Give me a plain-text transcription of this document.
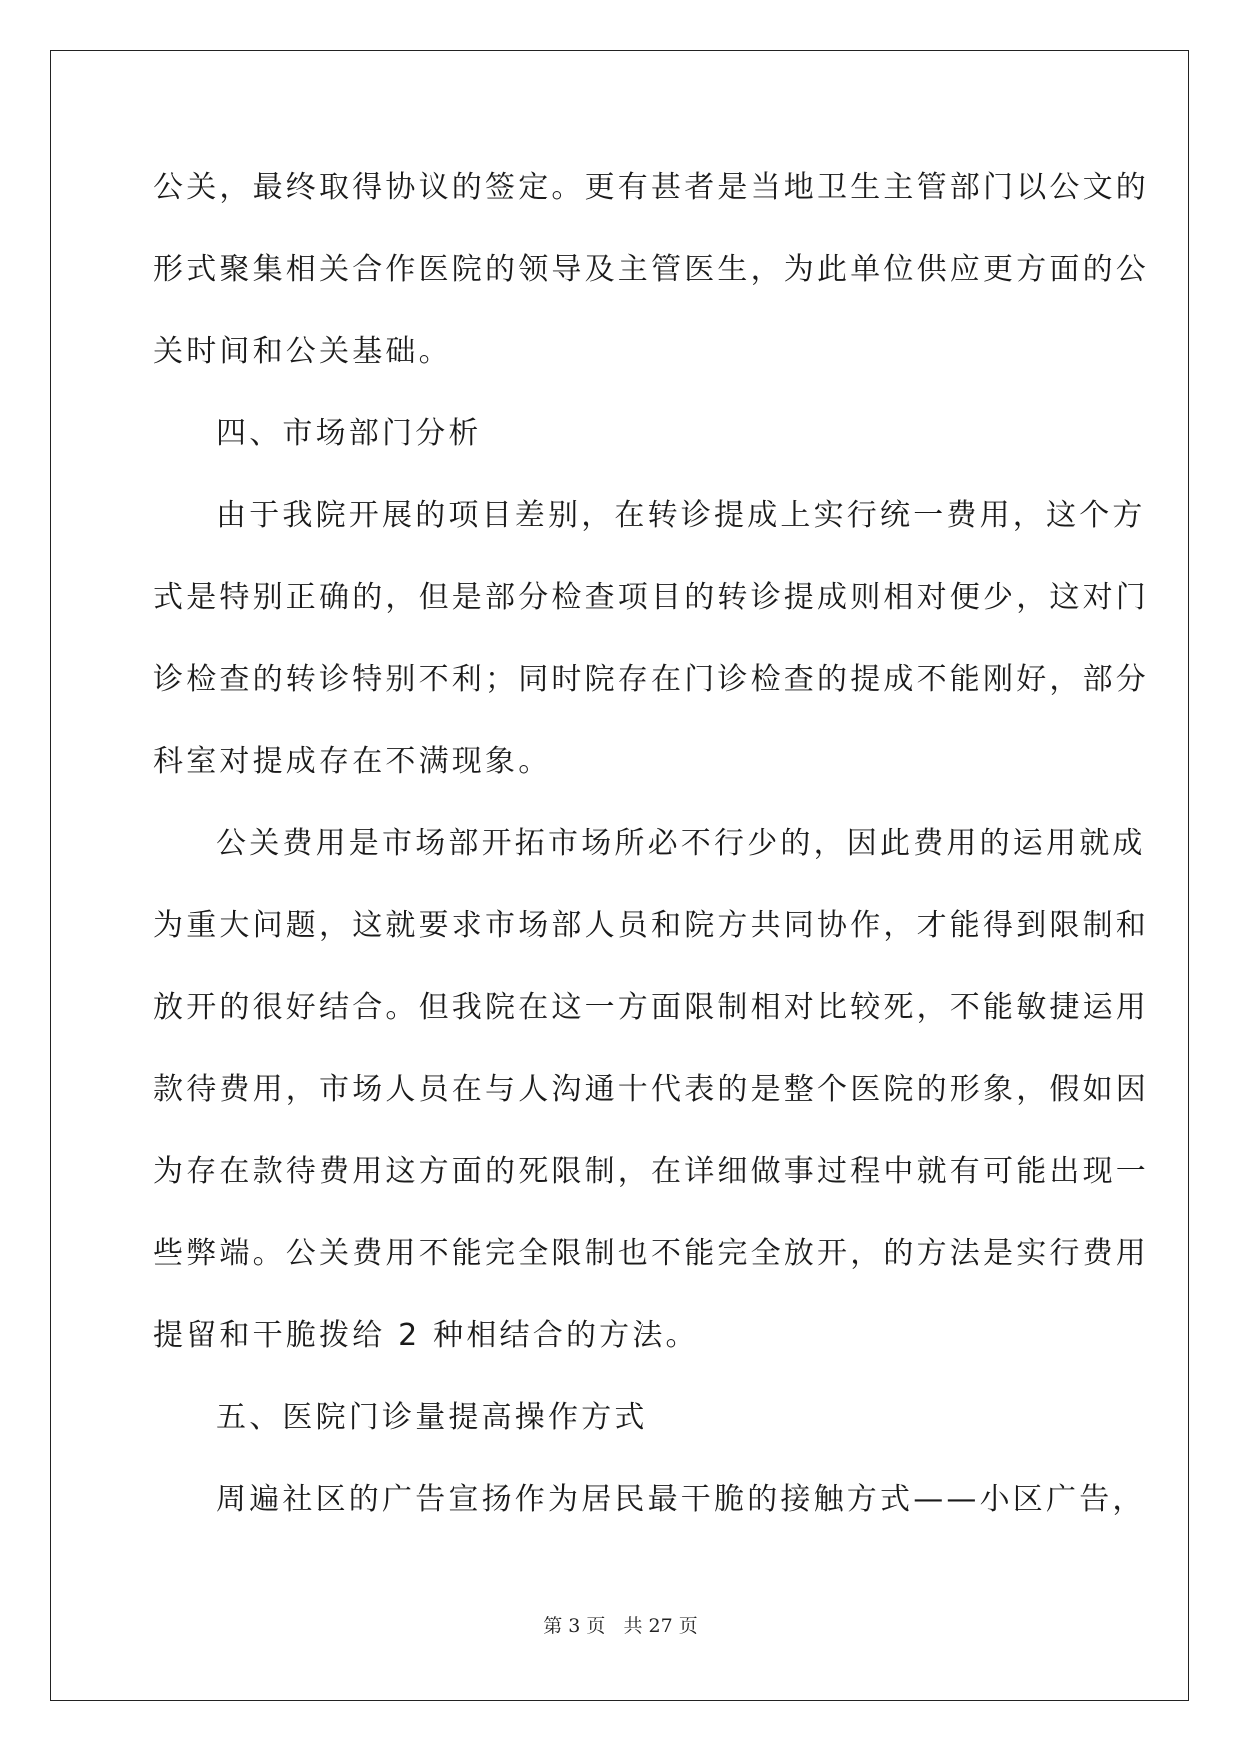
公关，最终取得协议的签定。更有甚者是当地卫生主管部门以公文的
形式聚集相关合作医院的领导及主管医生，为此单位供应更方面的公
关时间和公关基础。
四、市场部门分析
由于我院开展的项目差别，在转诊提成上实行统一费用，这个方
式是特别正确的，但是部分检查项目的转诊提成则相对便少，这对门
诊检查的转诊特别不利；同时院存在门诊检查的提成不能刚好，部分
科室对提成存在不满现象。
公关费用是市场部开拓市场所必不行少的，因此费用的运用就成
为重大问题，这就要求市场部人员和院方共同协作，才能得到限制和
放开的很好结合。但我院在这一方面限制相对比较死，不能敏捷运用
款待费用，市场人员在与人沟通十代表的是整个医院的形象，假如因
为存在款待费用这方面的死限制，在详细做事过程中就有可能出现一
些弊端。公关费用不能完全限制也不能完全放开，的方法是实行费用
提留和干脆拨给 2 种相结合的方法。
五、医院门诊量提高操作方式
周遍社区的广告宣扬作为居民最干脆的接触方式——小区广告，
第 3 页 共 27 页
